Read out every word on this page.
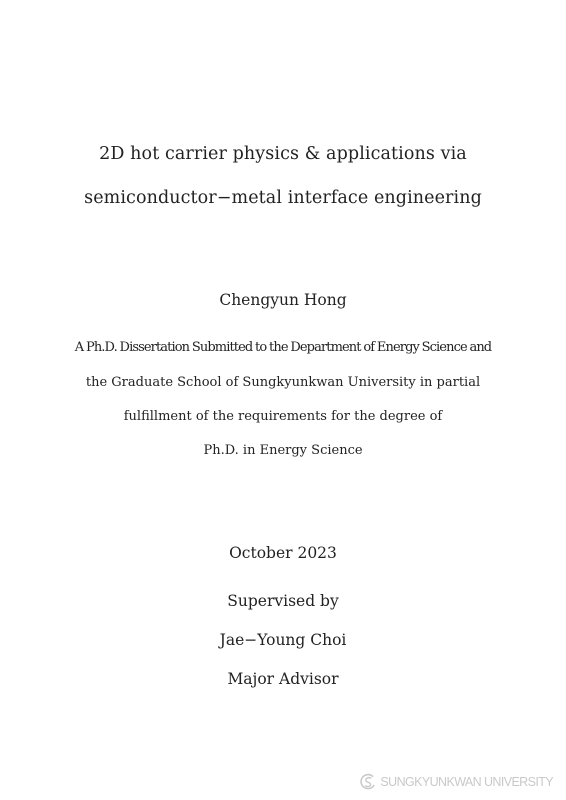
2D hot carrier physics & applications via
semiconductor−metal interface engineering
Chengyun Hong
A Ph.D. Dissertation Submitted to the Department of Energy Science and
the Graduate School of Sungkyunkwan University in partial
fulfillment of the requirements for the degree of
Ph.D. in Energy Science
October 2023
Supervised by
Jae−Young Choi
Major Advisor
SUNGKYUNKWAN UNIVERSITY
